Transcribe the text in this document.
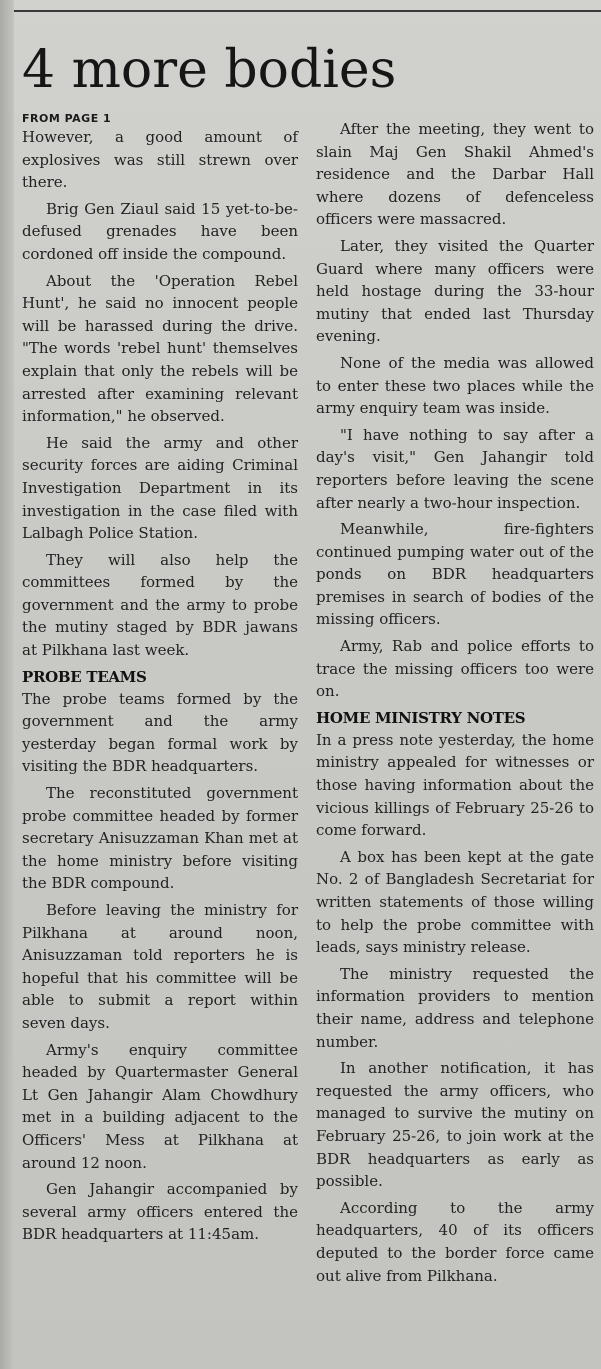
4 more bodies

FROM PAGE 1

However, a good amount of explosives was still strewn over there.

Brig Gen Ziaul said 15 yet-to-be-defused grenades have been cordoned off inside the compound.

About the 'Operation Rebel Hunt', he said no innocent people will be harassed during the drive. "The words 'rebel hunt' themselves explain that only the rebels will be arrested after examining relevant information," he observed.

He said the army and other security forces are aiding Criminal Investigation Department in its investigation in the case filed with Lalbagh Police Station.

They will also help the committees formed by the government and the army to probe the mutiny staged by BDR jawans at Pilkhana last week.

PROBE TEAMS

The probe teams formed by the government and the army yesterday began formal work by visiting the BDR headquarters.

The reconstituted government probe committee headed by former secretary Anisuzzaman Khan met at the home ministry before visiting the BDR compound.

Before leaving the ministry for Pilkhana at around noon, Anisuzzaman told reporters he is hopeful that his committee will be able to submit a report within seven days.

Army's enquiry committee headed by Quartermaster General Lt Gen Jahangir Alam Chowdhury met in a building adjacent to the Officers' Mess at Pilkhana at around 12 noon.

Gen Jahangir accompanied by several army officers entered the BDR headquarters at 11:45am.

After the meeting, they went to slain Maj Gen Shakil Ahmed's residence and the Darbar Hall where dozens of defenceless officers were massacred.

Later, they visited the Quarter Guard where many officers were held hostage during the 33-hour mutiny that ended last Thursday evening.

None of the media was allowed to enter these two places while the army enquiry team was inside.

"I have nothing to say after a day's visit," Gen Jahangir told reporters before leaving the scene after nearly a two-hour inspection.

Meanwhile, fire-fighters continued pumping water out of the ponds on BDR headquarters premises in search of bodies of the missing officers.

Army, Rab and police efforts to trace the missing officers too were on.

HOME MINISTRY NOTES

In a press note yesterday, the home ministry appealed for witnesses or those having information about the vicious killings of February 25-26 to come forward.

A box has been kept at the gate No. 2 of Bangladesh Secretariat for written statements of those willing to help the probe committee with leads, says ministry release.

The ministry requested the information providers to mention their name, address and telephone number.

In another notification, it has requested the army officers, who managed to survive the mutiny on February 25-26, to join work at the BDR headquarters as early as possible.

According to the army headquarters, 40 of its officers deputed to the border force came out alive from Pilkhana.
